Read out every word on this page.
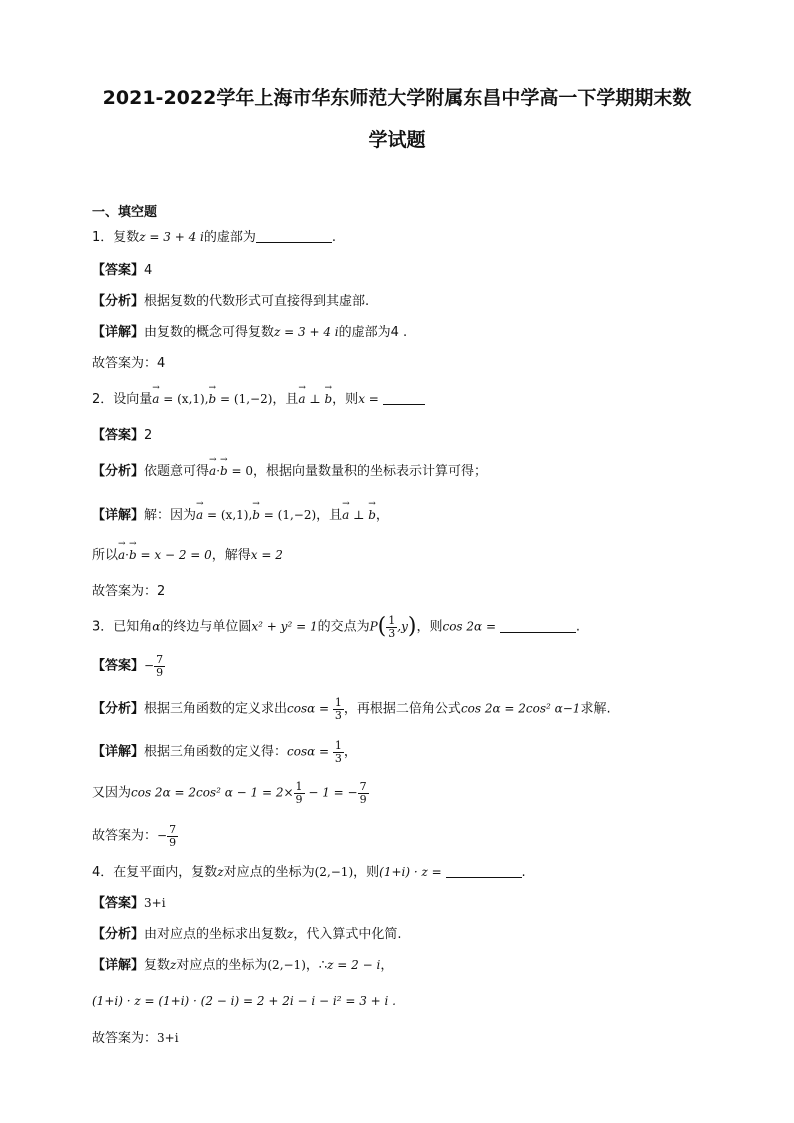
2021-2022学年上海市华东师范大学附属东昌中学高一下学期期末数
学试题
一、填空题
1．复数z = 3 + 4 i的虚部为	.
【答案】4
【分析】根据复数的代数形式可直接得到其虚部.
【详解】由复数的概念可得复数z = 3 + 4 i的虚部为4 .
故答案为：4
2．设向量→ a = (x,1),→ b = (1,−2)，且→ a ⊥ → b，则x =
【答案】2
【分析】依题意可得→ a·→ b = 0，根据向量数量积的坐标表示计算可得；
【详解】解：因为→ a = (x,1),→ b = (1,−2)，且→ a ⊥ → b，
所以→ a·→ b = x − 2 = 0，解得x = 2
故答案为：2
3．已知角α的终边与单位圆x² + y² = 1的交点为$P( \frac{1}{3} ,y)$，则cos 2α =	.
【答案】− $\frac{7}{9}$
【分析】根据三角函数的定义求出$\cos\alpha = \frac{1}{3}$ ，再根据二倍角公式cos 2α = 2cos² α−1求解.
【详解】根据三角函数的定义得：$\cos\alpha = \frac{1}{3}$ ，
又因为cos 2α = 2cos² $\alpha - 1 = 2\times \frac{1}{9} - 1$ = − $\frac{7}{9}$
故答案为：− $\frac{7}{9}$
4．在复平面内，复数z对应点的坐标为(2,−1)，则(1+i) · z =	.
【答案】3+i
【分析】由对应点的坐标求出复数z，代入算式中化简.
【详解】复数z对应点的坐标为(2,−1)，∴z = 2 − i，
(1+i) · z = (1+i) · (2 − i) = 2 + 2i − i − i² = 3 + i .
故答案为：3+i
